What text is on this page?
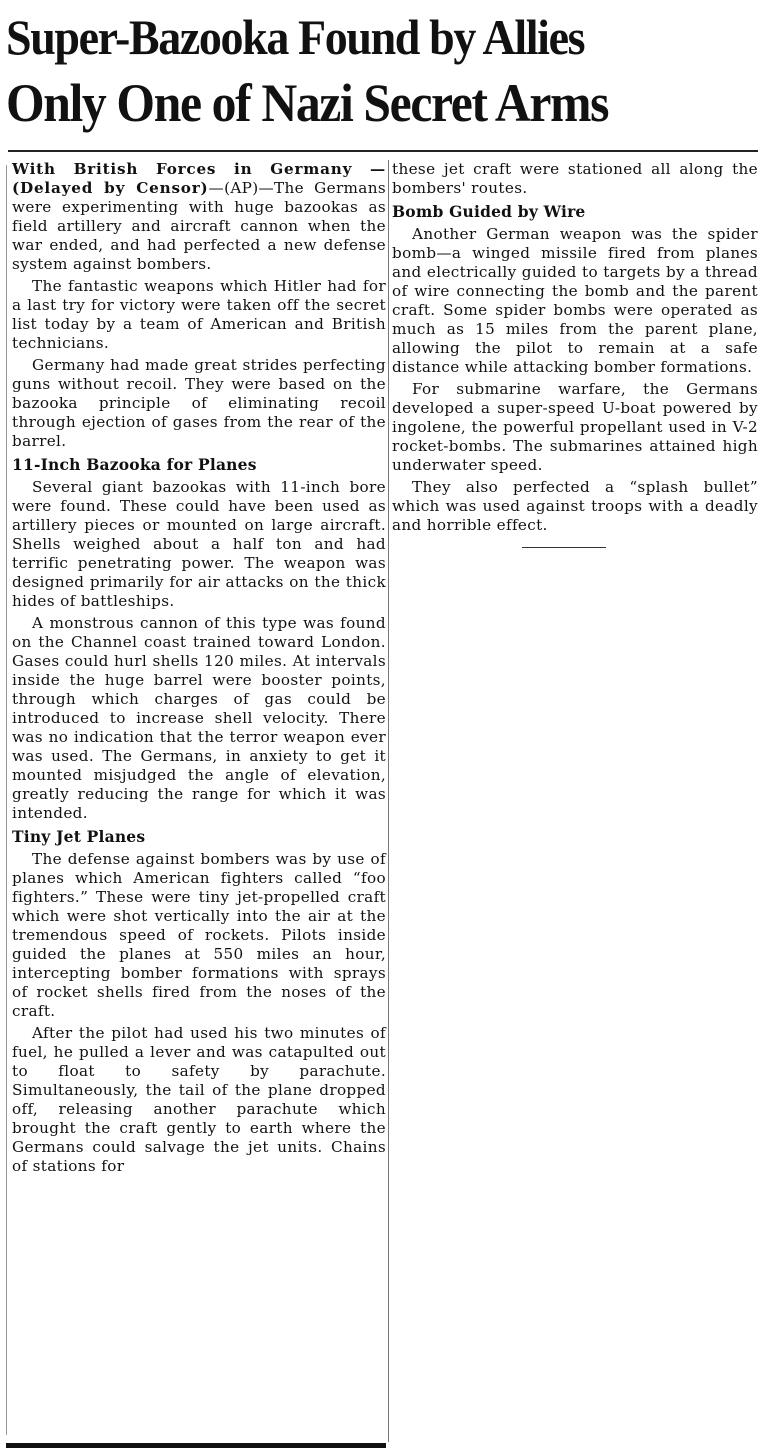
Super-Bazooka Found by Allies
Only One of Nazi Secret Arms

With British Forces in Germany —(Delayed by Censor)—(AP)—The Germans were experimenting with huge bazookas as field artillery and aircraft cannon when the war ended, and had perfected a new defense system against bombers.

The fantastic weapons which Hitler had for a last try for victory were taken off the secret list today by a team of American and British technicians.

Germany had made great strides perfecting guns without recoil. They were based on the bazooka principle of eliminating recoil through ejection of gases from the rear of the barrel.

11-Inch Bazooka for Planes

Several giant bazookas with 11-inch bore were found. These could have been used as artillery pieces or mounted on large aircraft. Shells weighed about a half ton and had terrific penetrating power. The weapon was designed primarily for air attacks on the thick hides of battleships.

A monstrous cannon of this type was found on the Channel coast trained toward London. Gases could hurl shells 120 miles. At intervals inside the huge barrel were booster points, through which charges of gas could be introduced to increase shell velocity. There was no indication that the terror weapon ever was used. The Germans, in anxiety to get it mounted misjudged the angle of elevation, greatly reducing the range for which it was intended.

Tiny Jet Planes

The defense against bombers was by use of planes which American fighters called “foo fighters.” These were tiny jet-propelled craft which were shot vertically into the air at the tremendous speed of rockets. Pilots inside guided the planes at 550 miles an hour, intercepting bomber formations with sprays of rocket shells fired from the noses of the craft.

After the pilot had used his two minutes of fuel, he pulled a lever and was catapulted out to float to safety by parachute. Simultaneously, the tail of the plane dropped off, releasing another parachute which brought the craft gently to earth where the Germans could salvage the jet units. Chains of stations for

these jet craft were stationed all along the bombers' routes.

Bomb Guided by Wire

Another German weapon was the spider bomb—a winged missile fired from planes and electrically guided to targets by a thread of wire connecting the bomb and the parent craft. Some spider bombs were operated as much as 15 miles from the parent plane, allowing the pilot to remain at a safe distance while attacking bomber formations.

For submarine warfare, the Germans developed a super-speed U-boat powered by ingolene, the powerful propellant used in V-2 rocket-bombs. The submarines attained high underwater speed.

They also perfected a “splash bullet” which was used against troops with a deadly and horrible effect.
